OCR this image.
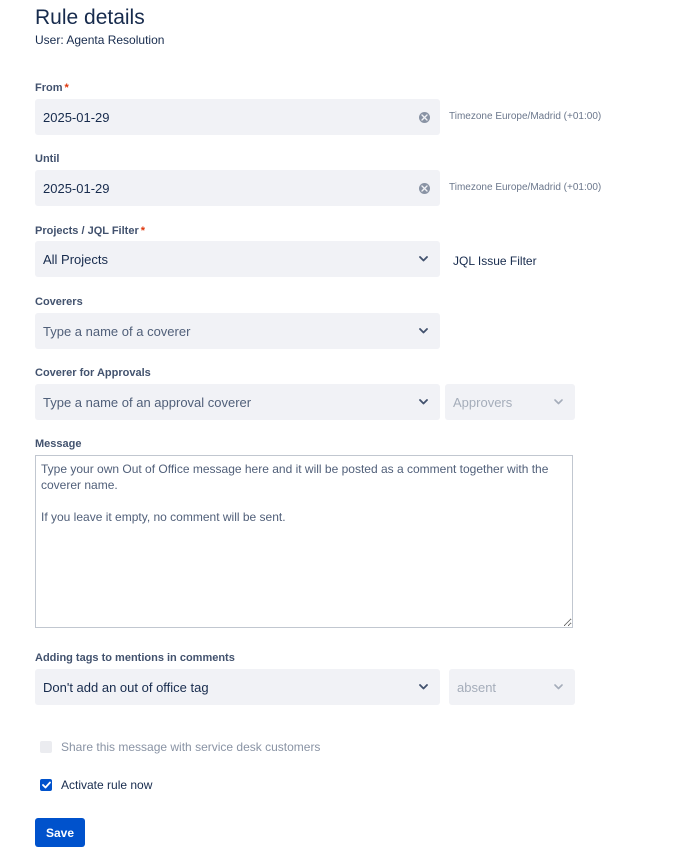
Rule details
User: Agenta Resolution
From *
2025-01-29	Timezone Europe/Madrid (+01:00)
Until
2025-01-29	Timezone Europe/Madrid (+01:00)
Projects / JQL Filter *
All Projects	JQL Issue Filter
Coverers
Type a name of a coverer
Coverer for Approvals
Type a name of an approval coverer	Approvers
Message
Type your own Out of Office message here and it will be posted as a comment together with the coverer name. If you leave it empty, no comment will be sent.
Adding tags to mentions in comments
Don't add an out of office tag	absent
Share this message with service desk customers
Activate rule now
Save
